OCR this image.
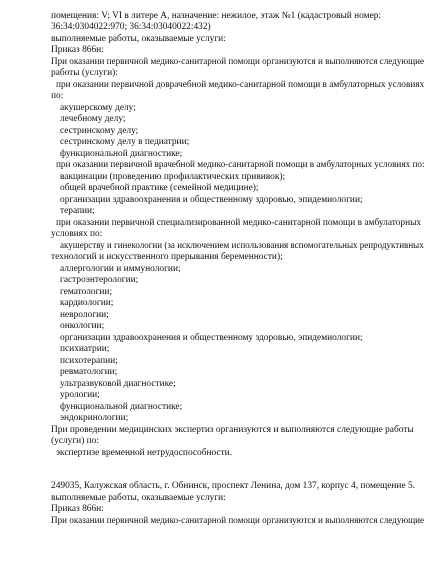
помещения: V; VI в литере А, назначение: нежилое, этаж №1 (кадастровый номер:
36:34:0304022:970; 36:34:03040022:432)
выполняемые работы, оказываемые услуги:
Приказ 866н:
При оказании первичной медико-санитарной помощи организуются и выполняются следующие
работы (услуги):
при оказании первичной доврачебной медико-санитарной помощи в амбулаторных условиях
по:
акушерскому делу;
лечебному делу;
сестринскому делу;
сестринскому делу в педиатрии;
функциональной диагностике;
при оказании первичной врачебной медико-санитарной помощи в амбулаторных условиях по:
вакцинации (проведению профилактических прививок);
общей врачебной практике (семейной медицине);
организации здравоохранения и общественному здоровью, эпидемиологии;
терапии;
при оказании первичной специализированной медико-санитарной помощи в амбулаторных
условиях по:
акушерству и гинекологии (за исключением использования вспомогательных репродуктивных
технологий и искусственного прерывания беременности);
аллергологии и иммунологии;
гастроэнтерологии;
гематологии;
кардиологии;
неврологии;
онкологии;
организации здравоохранения и общественному здоровью, эпидемиологии;
психиатрии;
психотерапии;
ревматологии;
ультразвуковой диагностике;
урологии;
функциональной диагностике;
эндокринологии;
При проведении медицинских экспертиз организуются и выполняются следующие работы
(услуги) по:
экспертизе временной нетрудоспособности.
249035, Калужская область, г. Обнинск, проспект Ленина, дом 137, корпус 4, помещение 5.
выполняемые работы, оказываемые услуги:
Приказ 866н:
При оказании первичной медико-санитарной помощи организуются и выполняются следующие
